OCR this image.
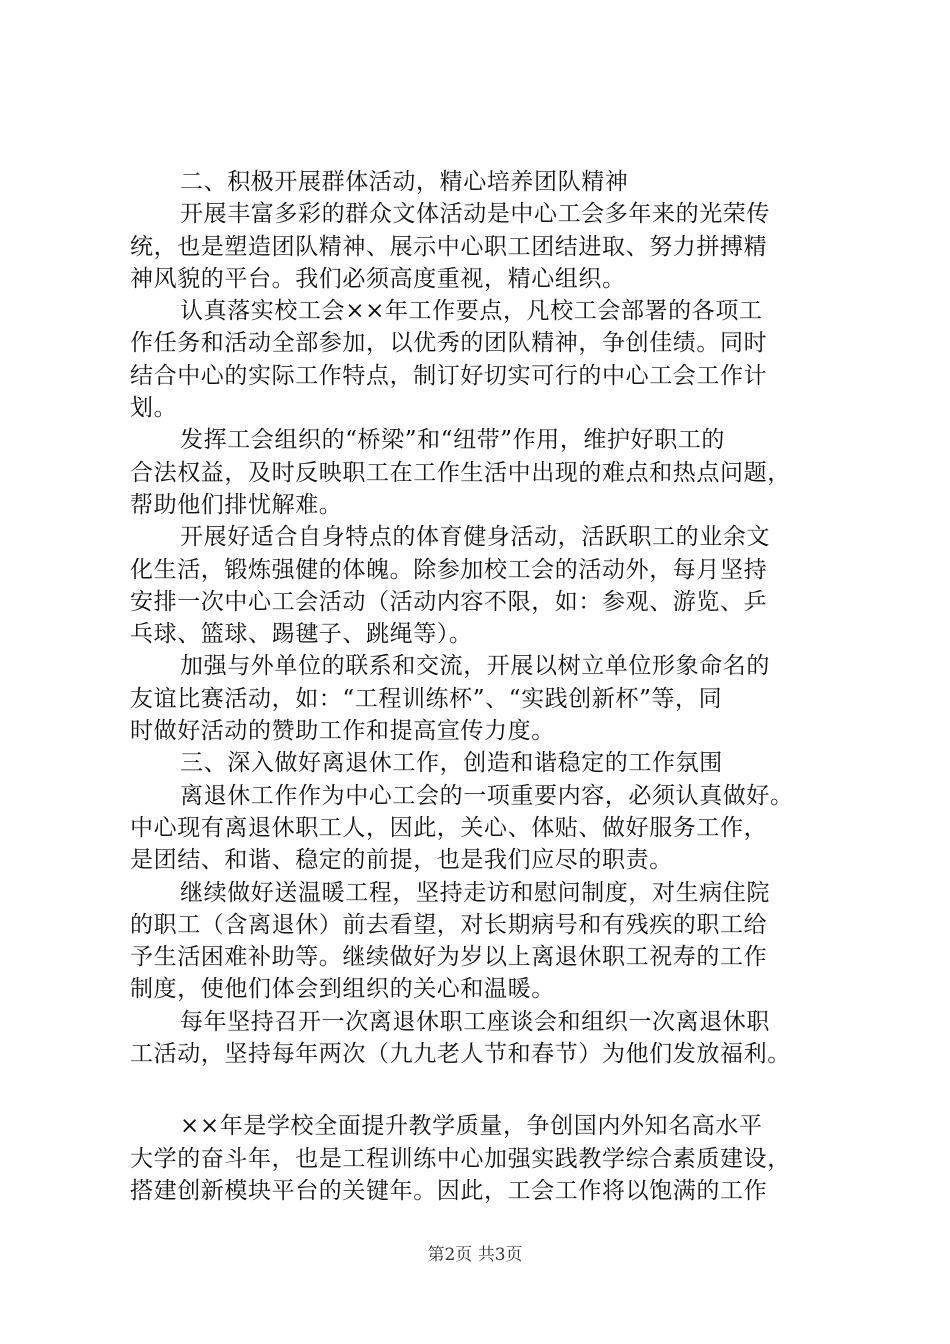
二、积极开展群体活动，精心培养团队精神
开展丰富多彩的群众文体活动是中心工会多年来的光荣传
统，也是塑造团队精神、展示中心职工团结进取、努力拼搏精
神风貌的平台。我们必须高度重视，精心组织。
认真落实校工会××年工作要点，凡校工会部署的各项工
作任务和活动全部参加，以优秀的团队精神，争创佳绩。同时
结合中心的实际工作特点，制订好切实可行的中心工会工作计
划。
发挥工会组织的“桥梁”和“纽带”作用，维护好职工的
合法权益，及时反映职工在工作生活中出现的难点和热点问题，
帮助他们排忧解难。
开展好适合自身特点的体育健身活动，活跃职工的业余文
化生活，锻炼强健的体魄。除参加校工会的活动外，每月坚持
安排一次中心工会活动（活动内容不限，如：参观、游览、乒
乓球、篮球、踢毽子、跳绳等）。
加强与外单位的联系和交流，开展以树立单位形象命名的
友谊比赛活动，如：“工程训练杯”、“实践创新杯”等，同
时做好活动的赞助工作和提高宣传力度。
三、深入做好离退休工作，创造和谐稳定的工作氛围
离退休工作作为中心工会的一项重要内容，必须认真做好。
中心现有离退休职工人，因此，关心、体贴、做好服务工作，
是团结、和谐、稳定的前提，也是我们应尽的职责。
继续做好送温暖工程，坚持走访和慰问制度，对生病住院
的职工（含离退休）前去看望，对长期病号和有残疾的职工给
予生活困难补助等。继续做好为岁以上离退休职工祝寿的工作
制度，使他们体会到组织的关心和温暖。
每年坚持召开一次离退休职工座谈会和组织一次离退休职
工活动，坚持每年两次（九九老人节和春节）为他们发放福利。
××年是学校全面提升教学质量，争创国内外知名高水平
大学的奋斗年，也是工程训练中心加强实践教学综合素质建设，
搭建创新模块平台的关键年。因此，工会工作将以饱满的工作
第2页 共3页
